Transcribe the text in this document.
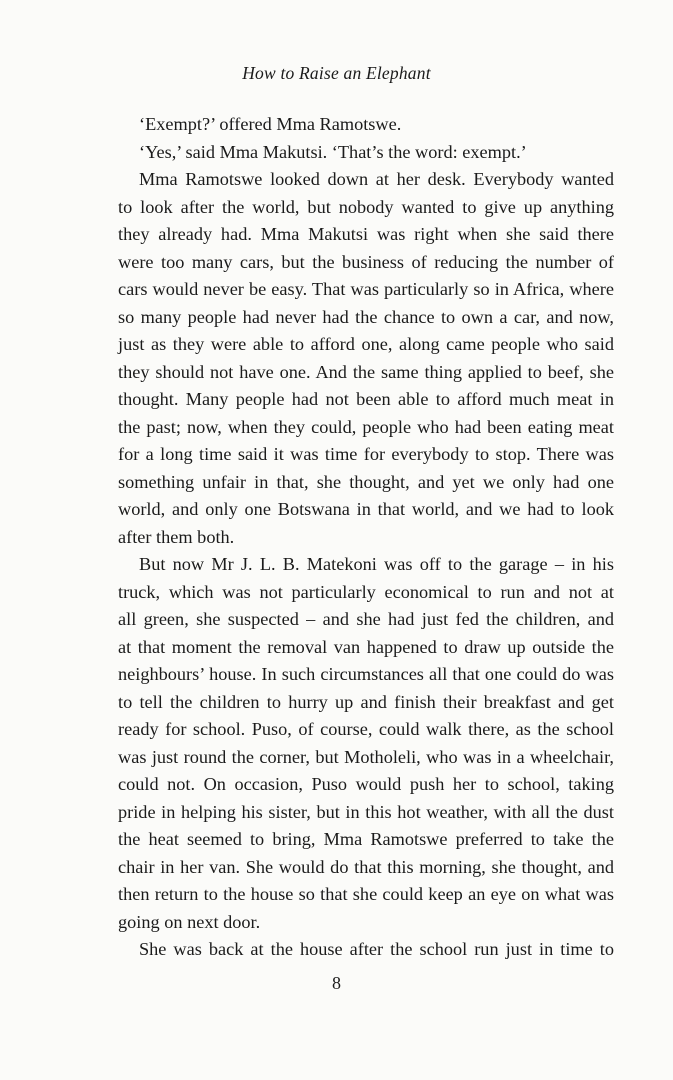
How to Raise an Elephant
‘Exempt?’ offered Mma Ramotswe.
‘Yes,’ said Mma Makutsi. ‘That’s the word: exempt.’
Mma Ramotswe looked down at her desk. Everybody wanted
to look after the world, but nobody wanted to give up anything
they already had. Mma Makutsi was right when she said there
were too many cars, but the business of reducing the number of
cars would never be easy. That was particularly so in Africa, where
so many people had never had the chance to own a car, and now,
just as they were able to afford one, along came people who said
they should not have one. And the same thing applied to beef, she
thought. Many people had not been able to afford much meat in
the past; now, when they could, people who had been eating meat
for a long time said it was time for everybody to stop. There was
something unfair in that, she thought, and yet we only had one
world, and only one Botswana in that world, and we had to look
after them both.
But now Mr J. L. B. Matekoni was off to the garage – in his
truck, which was not particularly economical to run and not at
all green, she suspected – and she had just fed the children, and
at that moment the removal van happened to draw up outside the
neighbours’ house. In such circumstances all that one could do was
to tell the children to hurry up and finish their breakfast and get
ready for school. Puso, of course, could walk there, as the school
was just round the corner, but Motholeli, who was in a wheelchair,
could not. On occasion, Puso would push her to school, taking
pride in helping his sister, but in this hot weather, with all the dust
the heat seemed to bring, Mma Ramotswe preferred to take the
chair in her van. She would do that this morning, she thought, and
then return to the house so that she could keep an eye on what was
going on next door.
She was back at the house after the school run just in time to
8
